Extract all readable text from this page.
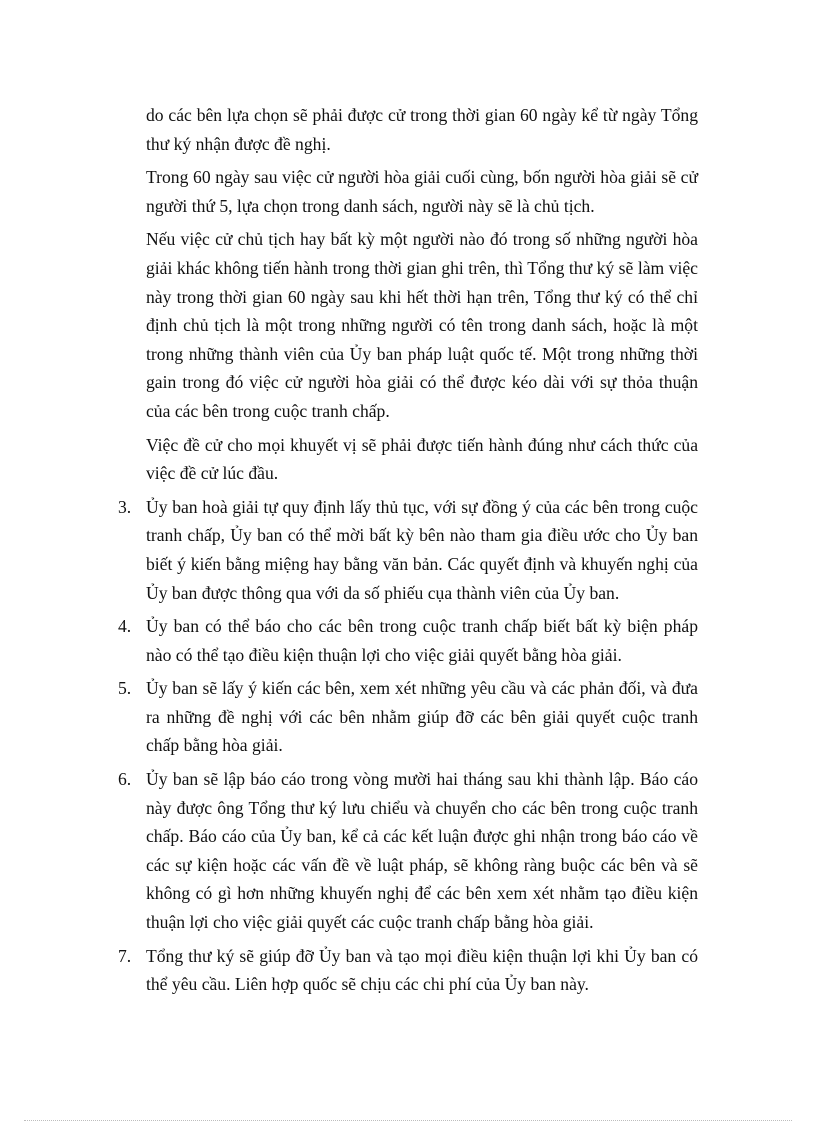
do các bên lựa chọn sẽ phải được cử trong thời gian 60 ngày kể từ ngày Tổng thư ký nhận được đề nghị.

Trong 60 ngày sau việc cử người hòa giải cuối cùng, bốn người hòa giải sẽ cử người thứ 5, lựa chọn trong danh sách, người này sẽ là chủ tịch.

Nếu việc cử chủ tịch hay bất kỳ một người nào đó trong số những người hòa giải khác không tiến hành trong thời gian ghi trên, thì Tổng thư ký sẽ làm việc này trong thời gian 60 ngày sau khi hết thời hạn trên, Tổng thư ký có thể chỉ định chủ tịch là một trong những người có tên trong danh sách, hoặc là một trong những thành viên của Ủy ban pháp luật quốc tế. Một trong những thời gain trong đó việc cử người hòa giải có thể được kéo dài với sự thỏa thuận của các bên trong cuộc tranh chấp.

Việc đề cử cho mọi khuyết vị sẽ phải được tiến hành đúng như cách thức của việc đề cử lúc đầu.

3. Ủy ban hoà giải tự quy định lấy thủ tục, với sự đồng ý của các bên trong cuộc tranh chấp, Ủy ban có thể mời bất kỳ bên nào tham gia điều ước cho Ủy ban biết ý kiến bằng miệng hay bằng văn bản. Các quyết định và khuyến nghị của Ủy ban được thông qua với da số phiếu cụa thành viên của Ủy ban.
4. Ủy ban có thể báo cho các bên trong cuộc tranh chấp biết bất kỳ biện pháp nào có thể tạo điều kiện thuận lợi cho việc giải quyết bằng hòa giải.
5. Ủy ban sẽ lấy ý kiến các bên, xem xét những yêu cầu và các phản đối, và đưa ra những đề nghị với các bên nhằm giúp đỡ các bên giải quyết cuộc tranh chấp bằng hòa giải.
6. Ủy ban sẽ lập báo cáo trong vòng mười hai tháng sau khi thành lập. Báo cáo này được ông Tổng thư ký lưu chiểu và chuyển cho các bên trong cuộc tranh chấp. Báo cáo của Ủy ban, kể cả các kết luận được ghi nhận trong báo cáo về các sự kiện hoặc các vấn đề về luật pháp, sẽ không ràng buộc các bên và sẽ không có gì hơn những khuyến nghị để các bên xem xét nhằm tạo điều kiện thuận lợi cho việc giải quyết các cuộc tranh chấp bằng hòa giải.
7. Tổng thư ký sẽ giúp đỡ Ủy ban và tạo mọi điều kiện thuận lợi khi Ủy ban có thể yêu cầu. Liên hợp quốc sẽ chịu các chi phí của Ủy ban này.
